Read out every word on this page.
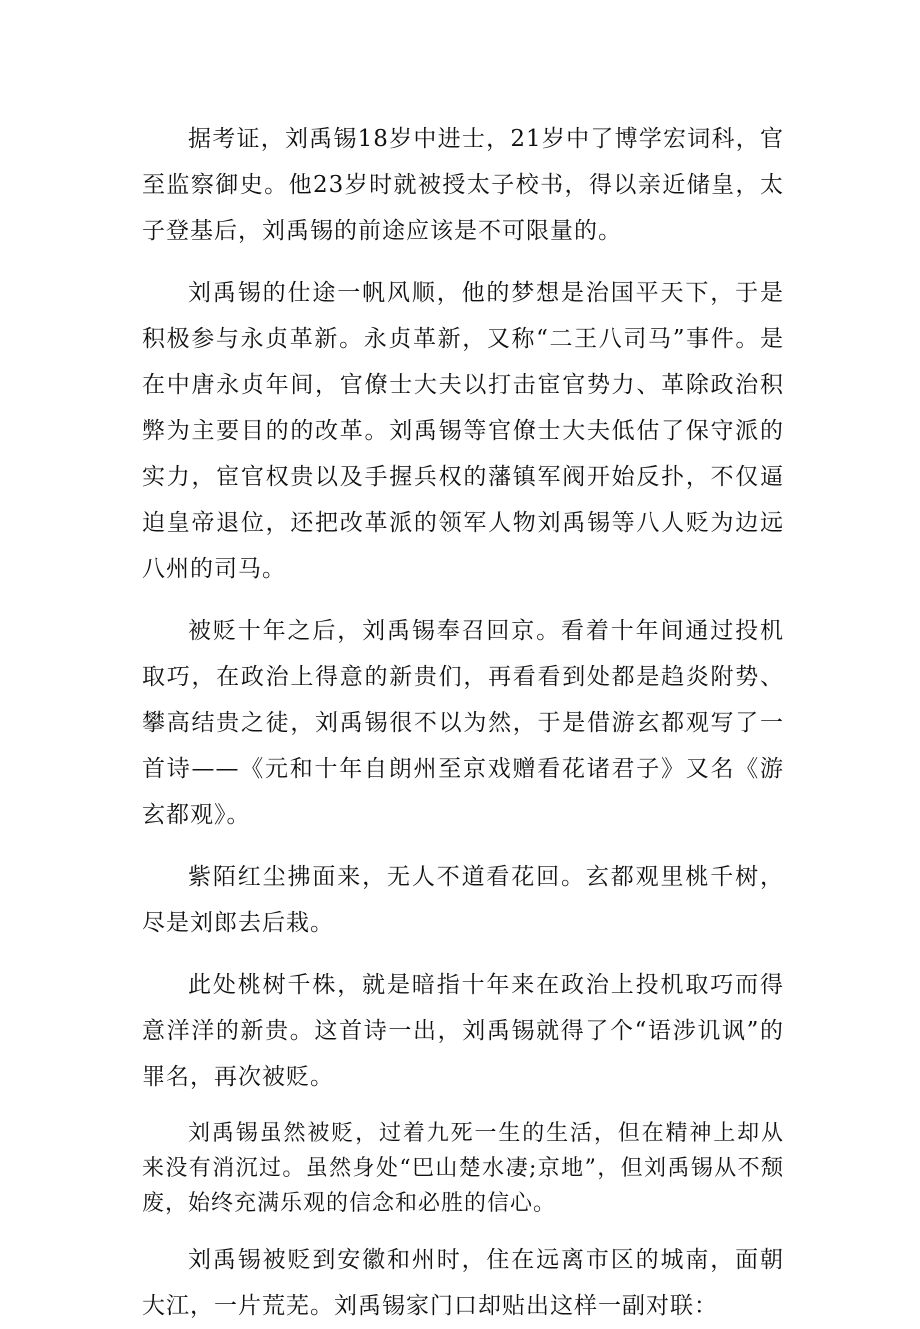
据考证，刘禹锡18岁中进士，21岁中了博学宏词科，官至监察御史。他23岁时就被授太子校书，得以亲近储皇，太子登基后，刘禹锡的前途应该是不可限量的。

刘禹锡的仕途一帆风顺，他的梦想是治国平天下，于是积极参与永贞革新。永贞革新，又称“二王八司马”事件。是在中唐永贞年间，官僚士大夫以打击宦官势力、革除政治积弊为主要目的的改革。刘禹锡等官僚士大夫低估了保守派的实力，宦官权贵以及手握兵权的藩镇军阀开始反扑，不仅逼迫皇帝退位，还把改革派的领军人物刘禹锡等八人贬为边远八州的司马。

被贬十年之后，刘禹锡奉召回京。看着十年间通过投机取巧，在政治上得意的新贵们，再看看到处都是趋炎附势、攀高结贵之徒，刘禹锡很不以为然，于是借游玄都观写了一首诗——《元和十年自朗州至京戏赠看花诸君子》又名《游玄都观》。

紫陌红尘拂面来，无人不道看花回。玄都观里桃千树，尽是刘郎去后栽。

此处桃树千株，就是暗指十年来在政治上投机取巧而得意洋洋的新贵。这首诗一出，刘禹锡就得了个“语涉讥讽”的罪名，再次被贬。

刘禹锡虽然被贬，过着九死一生的生活，但在精神上却从来没有消沉过。虽然身处“巴山楚水凄;京地”，但刘禹锡从不颓废，始终充满乐观的信念和必胜的信心。

刘禹锡被贬到安徽和州时，住在远离市区的城南，面朝大江，一片荒芜。刘禹锡家门口却贴出这样一副对联：
